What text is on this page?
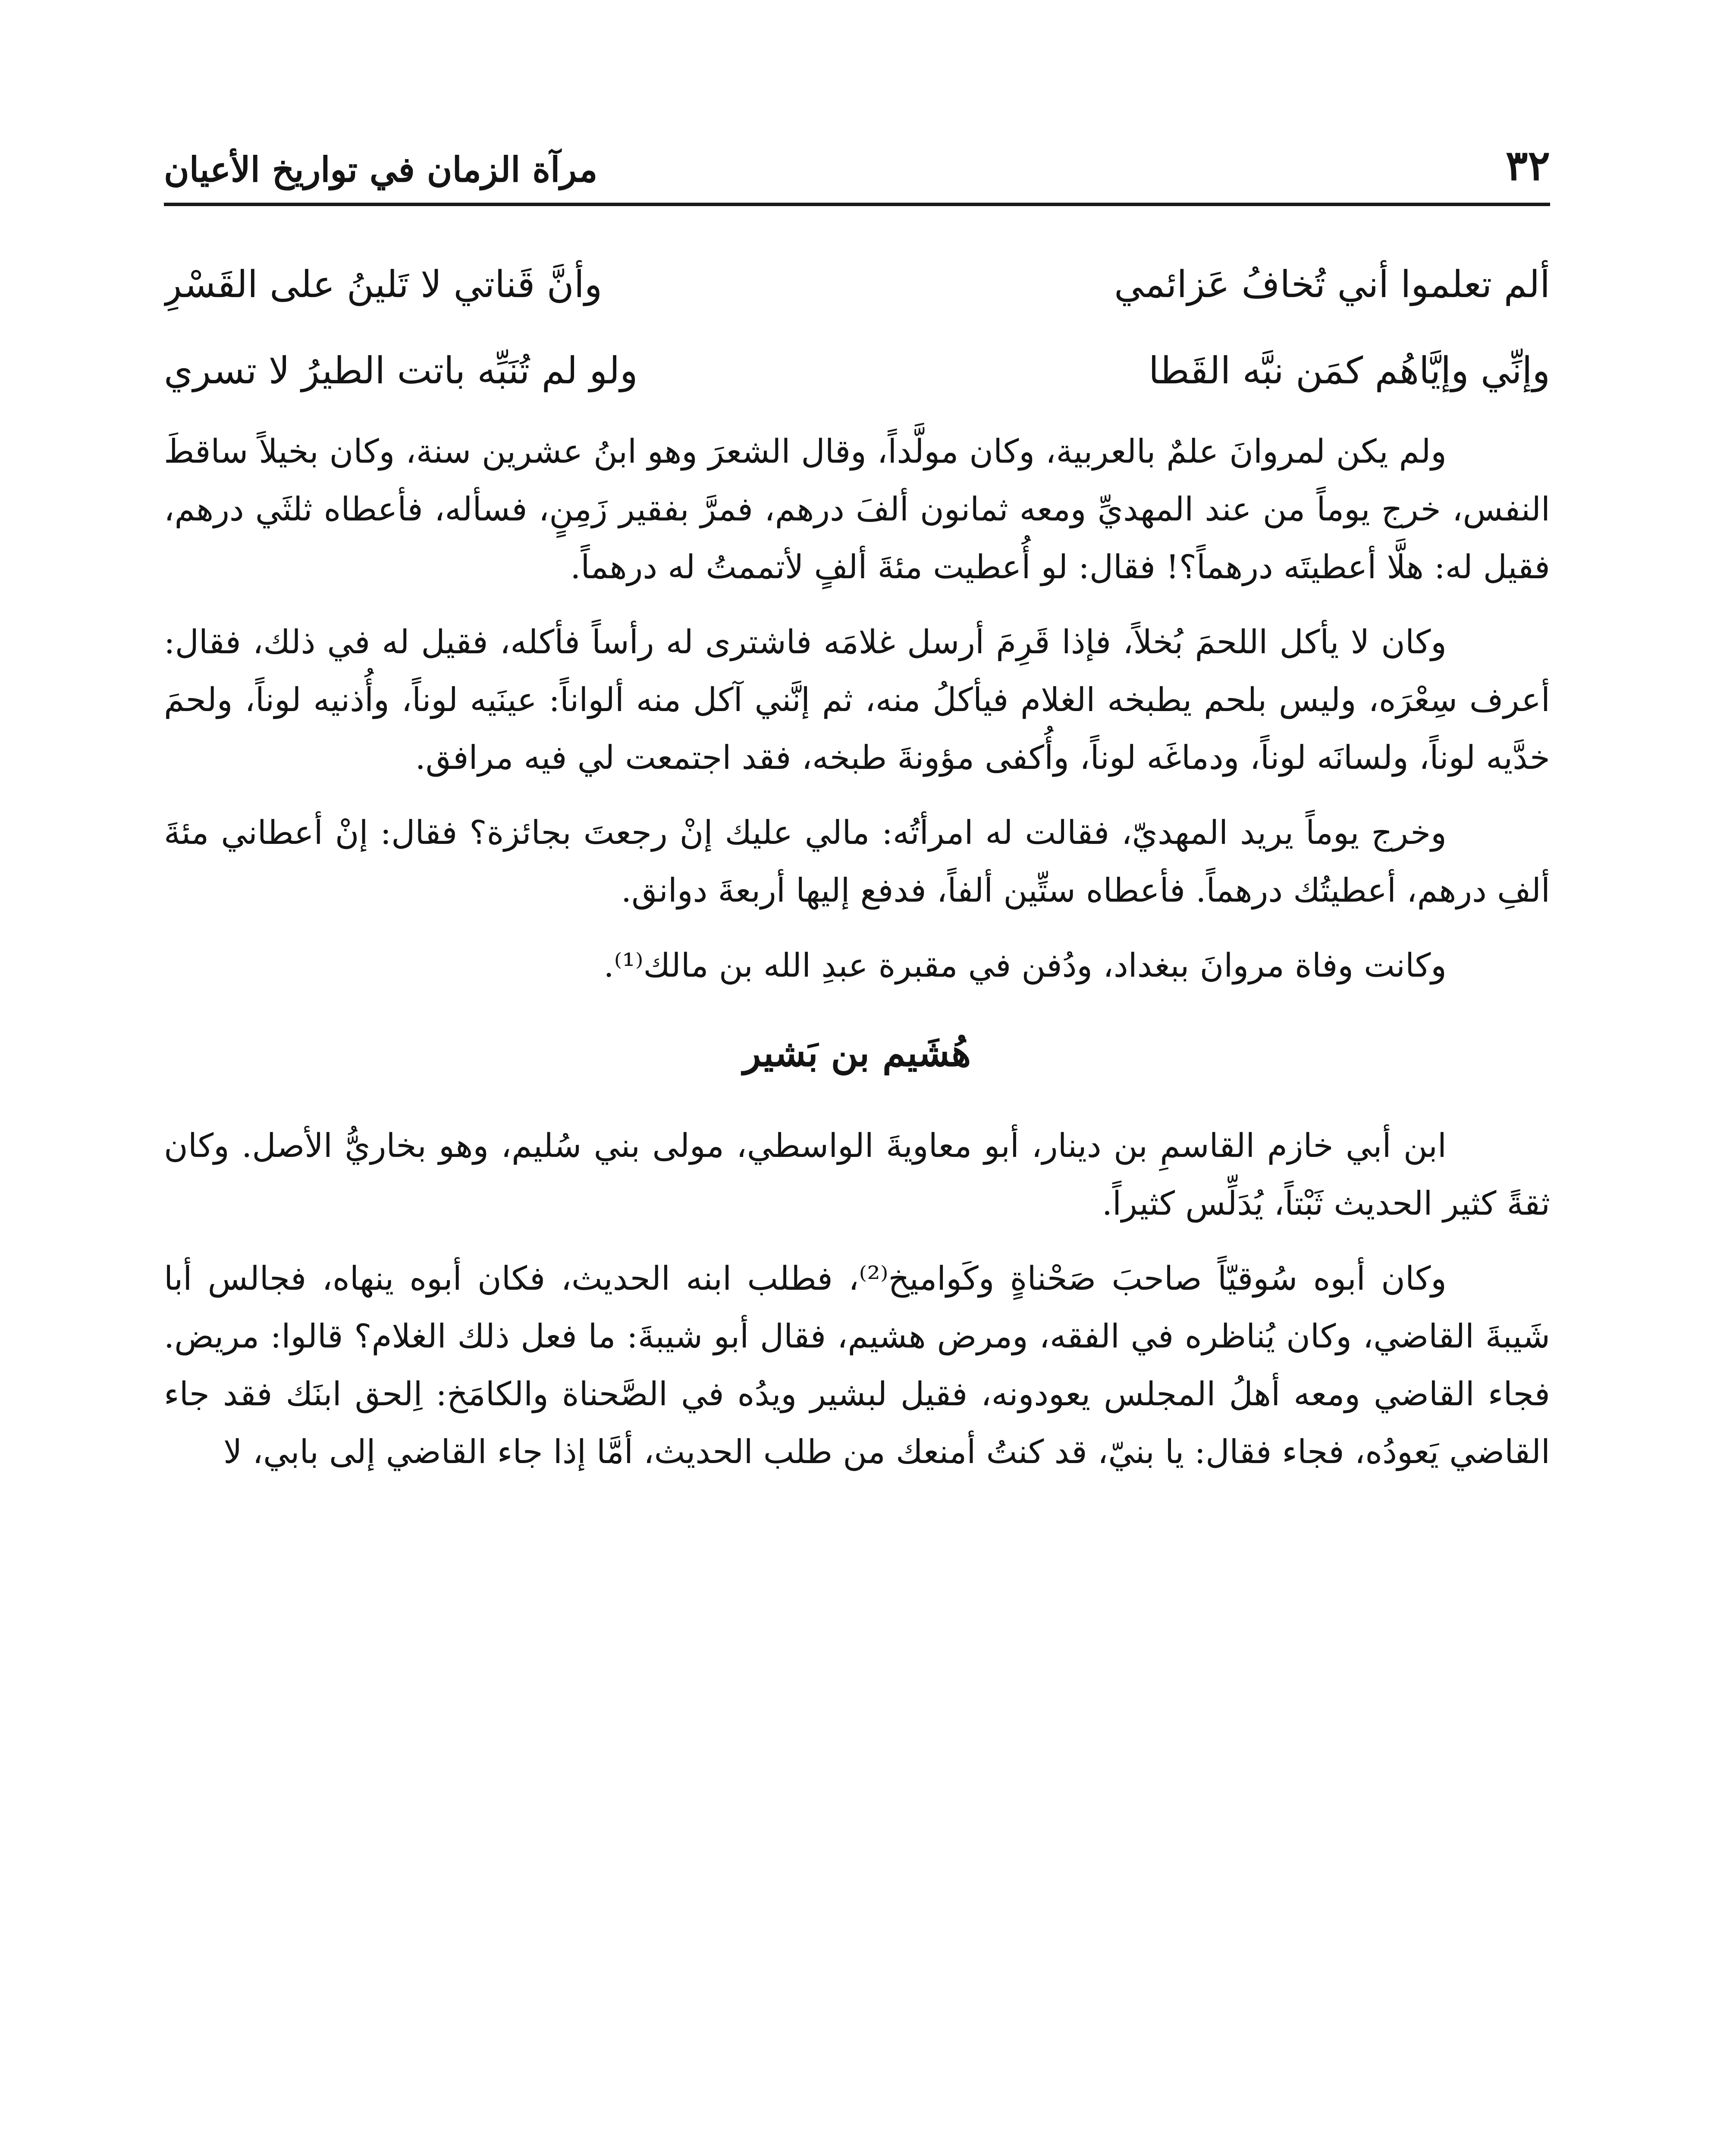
٣٢
مرآة الزمان في تواريخ الأعيان
ألم تعلموا أني تُخافُ عَزائمي
وأنَّ قَناتي لا تَلينُ على القَسْرِ
وإنِّي وإيَّاهُم كمَن نبَّه القَطا
ولو لم تُنَبِّه باتت الطيرُ لا تسري

ولم يكن لمروانَ علمٌ بالعربية، وكان مولَّداً، وقال الشعرَ وهو ابنُ عشرين سنة، وكان بخيلاً ساقطَ النفس، خرج يوماً من عند المهديِّ ومعه ثمانون ألفَ درهم، فمرَّ بفقير زَمِنٍ، فسأله، فأعطاه ثلثَي درهم، فقيل له: هلَّا أعطيتَه درهماً؟! فقال: لو أُعطيت مئةَ ألفٍ لأتممتُ له درهماً.

وكان لا يأكل اللحمَ بُخلاً، فإذا قَرِمَ أرسل غلامَه فاشترى له رأساً فأكله، فقيل له في ذلك، فقال: أعرف سِعْرَه، وليس بلحم يطبخه الغلام فيأكلُ منه، ثم إنَّني آكل منه ألواناً: عينَيه لوناً، وأُذنيه لوناً، ولحمَ خدَّيه لوناً، ولسانَه لوناً، ودماغَه لوناً، وأُكفى مؤونةَ طبخه، فقد اجتمعت لي فيه مرافق.

وخرج يوماً يريد المهديّ، فقالت له امرأتُه: مالي عليك إنْ رجعتَ بجائزة؟ فقال: إنْ أعطاني مئةَ ألفِ درهم، أعطيتُك درهماً. فأعطاه ستِّين ألفاً، فدفع إليها أربعةَ دوانق.

وكانت وفاة مروانَ ببغداد، ودُفن في مقبرة عبدِ الله بن مالك⁽¹⁾.

هُشَيم بن بَشير

ابن أبي خازم القاسمِ بن دينار، أبو معاويةَ الواسطي، مولى بني سُليم، وهو بخاريُّ الأصل. وكان ثقةً كثير الحديث ثَبْتاً، يُدَلِّس كثيراً.

وكان أبوه سُوقيّاً صاحبَ صَحْناةٍ وكَواميخ⁽²⁾، فطلب ابنه الحديث، فكان أبوه ينهاه، فجالس أبا شَيبةَ القاضي، وكان يُناظره في الفقه، ومرض هشيم، فقال أبو شيبةَ: ما فعل ذلك الغلام؟ قالوا: مريض. فجاء القاضي ومعه أهلُ المجلس يعودونه، فقيل لبشير ويدُه في الصَّحناة والكامَخ: اِلحق ابنَك فقد جاء القاضي يَعودُه، فجاء فقال: يا بنيّ، قد كنتُ أمنعك من طلب الحديث، أمَّا إذا جاء القاضي إلى بابي، لا
